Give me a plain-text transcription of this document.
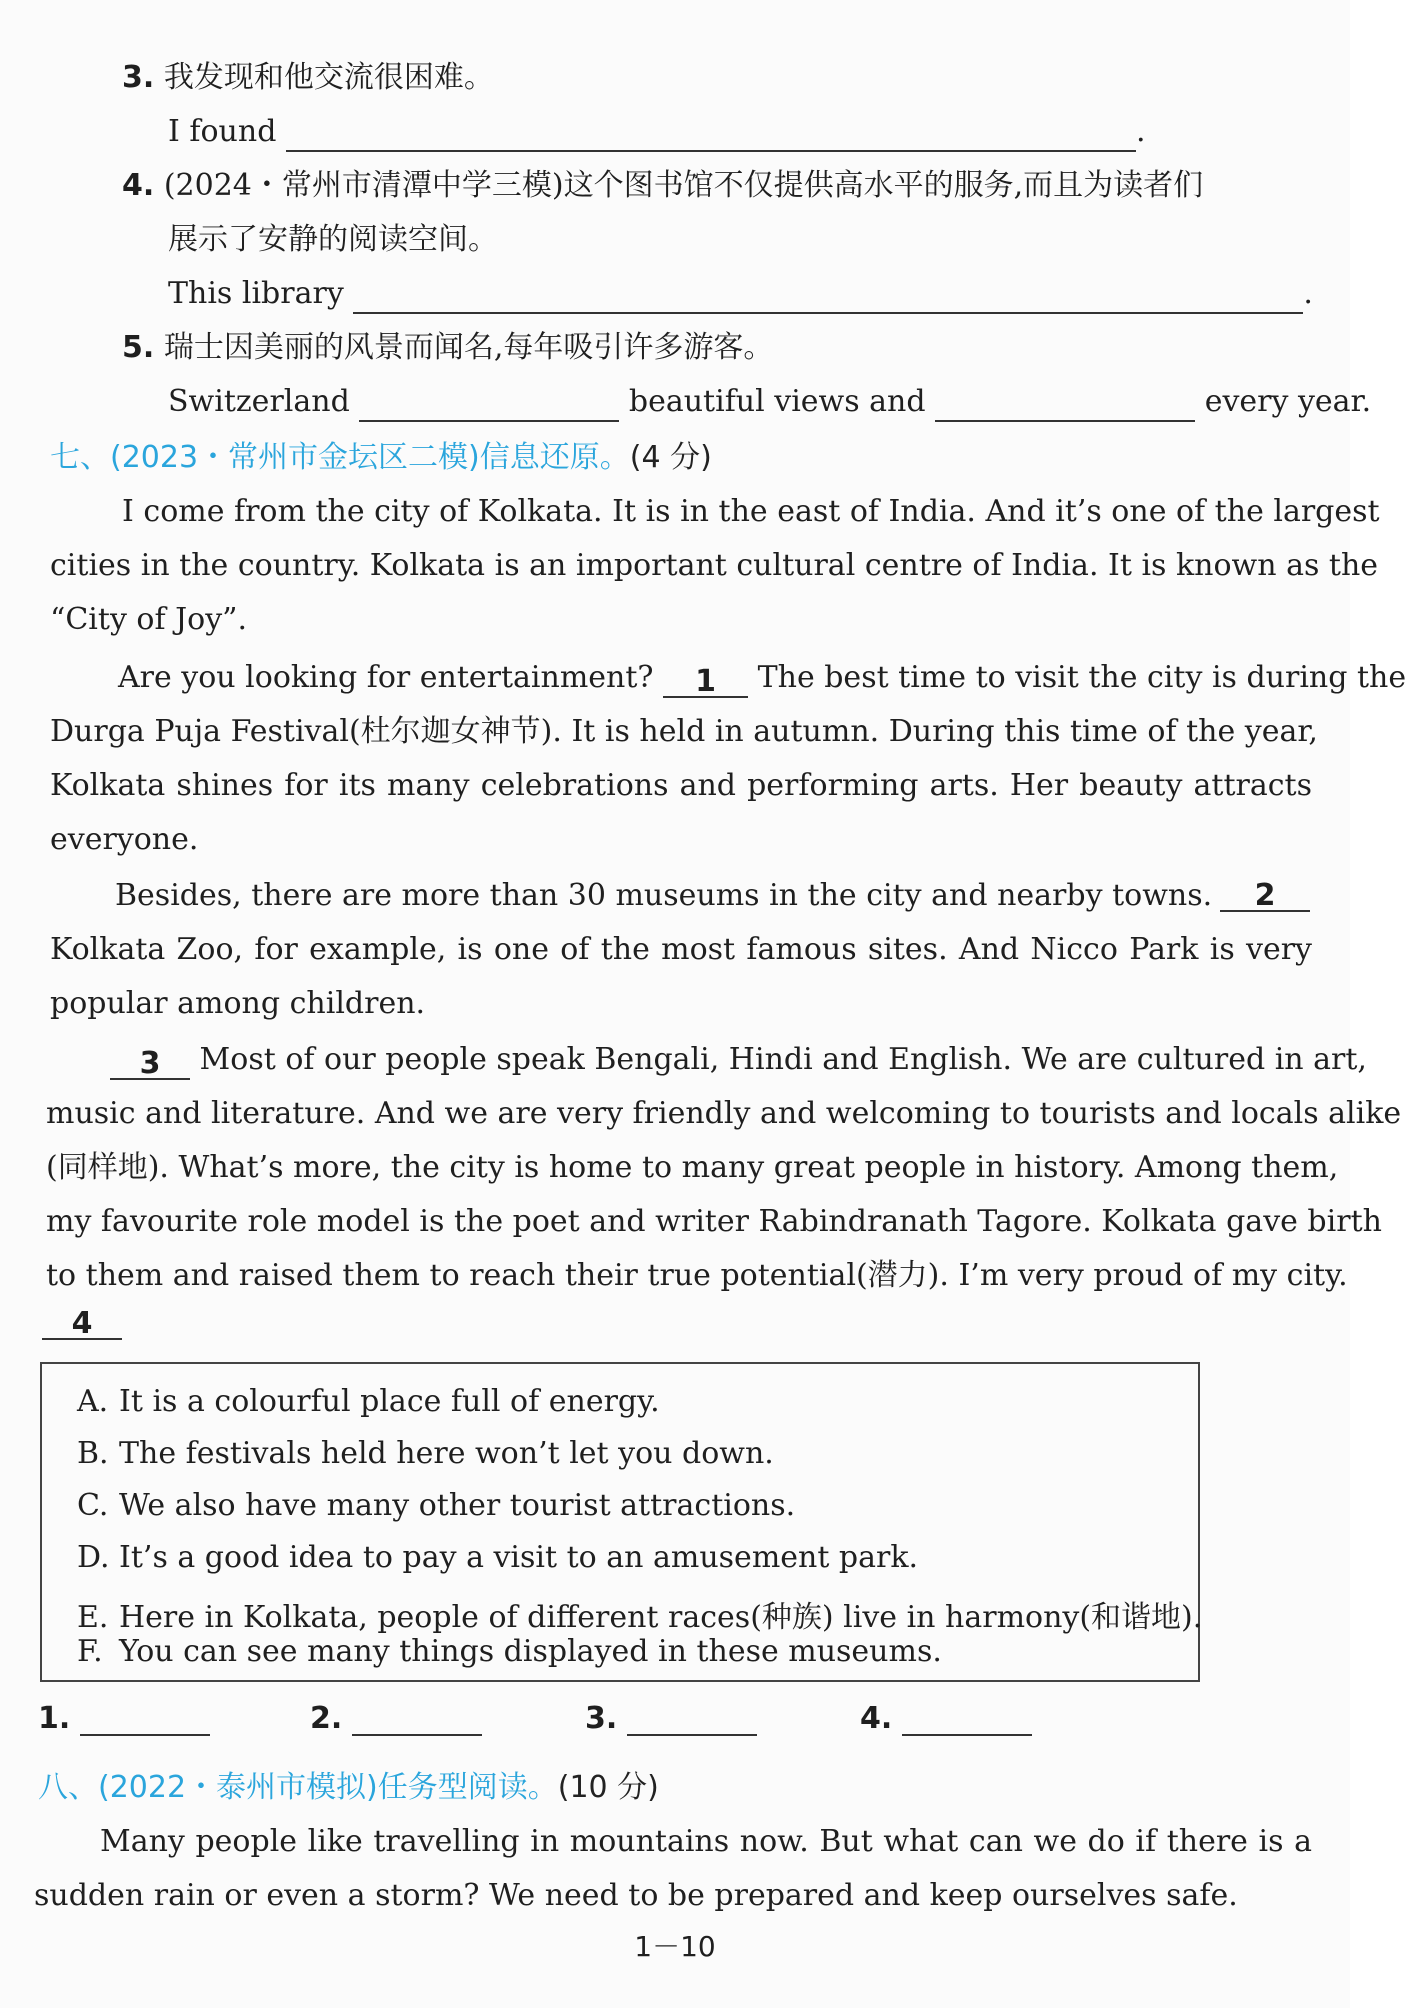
3. 我发现和他交流很困难。
I found	.
4. (2024・常州市清潭中学三模)这个图书馆不仅提供高水平的服务,而且为读者们
展示了安静的阅读空间。
This library	.
5. 瑞士因美丽的风景而闻名,每年吸引许多游客。
Switzerland	beautiful views and	every year.
七、(2023・常州市金坛区二模)信息还原。(4 分)
I come from the city of Kolkata. It is in the east of India. And it’s one of the largest
cities in the country. Kolkata is an important cultural centre of India. It is known as the
“City of Joy”.
Are you looking for entertainment? 1 The best time to visit the city is during the
Durga Puja Festival(杜尔迦女神节). It is held in autumn. During this time of the year,
Kolkata shines for its many celebrations and performing arts. Her beauty attracts
everyone.
Besides, there are more than 30 museums in the city and nearby towns.	2
Kolkata Zoo, for example, is one of the most famous sites. And Nicco Park is very
popular among children.
3 Most of our people speak Bengali, Hindi and English. We are cultured in art,
music and literature. And we are very friendly and welcoming to tourists and locals alike
(同样地). What’s more, the city is home to many great people in history. Among them,
my favourite role model is the poet and writer Rabindranath Tagore. Kolkata gave birth
to them and raised them to reach their true potential(潜力). I’m very proud of my city.
4
A. It is a colourful place full of energy.
B. The festivals held here won’t let you down.
C. We also have many other tourist attractions.
D. It’s a good idea to pay a visit to an amusement park.
E. Here in Kolkata, people of different races(种族) live in harmony(和谐地).
F. You can see many things displayed in these museums.
1.	2.	3.	4.
八、(2022・泰州市模拟)任务型阅读。(10 分)
Many people like travelling in mountains now. But what can we do if there is a
sudden rain or even a storm? We need to be prepared and keep ourselves safe.
1－10
